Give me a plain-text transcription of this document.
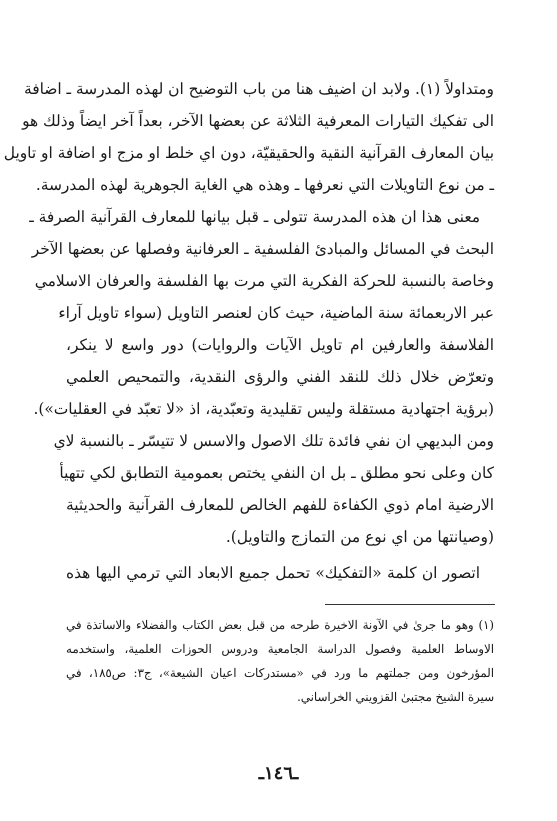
ومتداولاً (١). ولابد ان اضيف هنا من باب التوضيح ان لهذه المدرسة ـ اضافة
الى تفكيك التيارات المعرفية الثلاثة عن بعضها الآخر، بعداً آخر ايضاً وذلك هو
بيان المعارف القرآنية النقية والحقيقيّة، دون اي خلط او مزج او اضافة او تاويل
ـ من نوع التاويلات التي نعرفها ـ وهذه هي الغاية الجوهرية لهذه المدرسة.
معنى هذا ان هذه المدرسة تتولى ـ قبل بيانها للمعارف القرآنية الصرفة ـ
البحث في المسائل والمبادئ الفلسفية ـ العرفانية وفصلها عن بعضها الآخر
وخاصة بالنسبة للحركة الفكرية التي مرت بها الفلسفة والعرفان الاسلامي
عبر الاربعمائة سنة الماضية، حيث كان لعنصر التاويل (سواء تاويل آراء
الفلاسفة والعارفين ام تاويل الآيات والروايات) دور واسع لا ينكر،
وتعرّض خلال ذلك للنقد الفني والرؤى النقدية، والتمحيص العلمي
(برؤية اجتهادية مستقلة وليس تقليدية وتعبّدية، اذ «لا تعبّد في العقليات»).
ومن البديهي ان نفي فائدة تلك الاصول والاسس لا تتيسّر ـ بالنسبة لاي
كان وعلى نحو مطلق ـ بل ان النفي يختص بعمومية التطابق لكي تتهيأ
الارضية امام ذوي الكفاءة للفهم الخالص للمعارف القرآنية والحديثية
(وصيانتها من اي نوع من التمازج والتاويل).
اتصور ان كلمة «التفكيك» تحمل جميع الابعاد التي ترمي اليها هذه
(١) وهو ما جرىٰ في الآونة الاخيرة طرحه من قبل بعض الكتاب والفضلاء والاساتذة في
الاوساط العلمية وفصول الدراسة الجامعية ودروس الحوزات العلمية، واستخدمه
المؤرخون ومن جملتهم ما ورد في «مستدركات اعيان الشيعة»، ج٣: ص١٨٥، في
سيرة الشيخ مجتبىٰ القزويني الخراساني.
ـ١٤٦ـ
